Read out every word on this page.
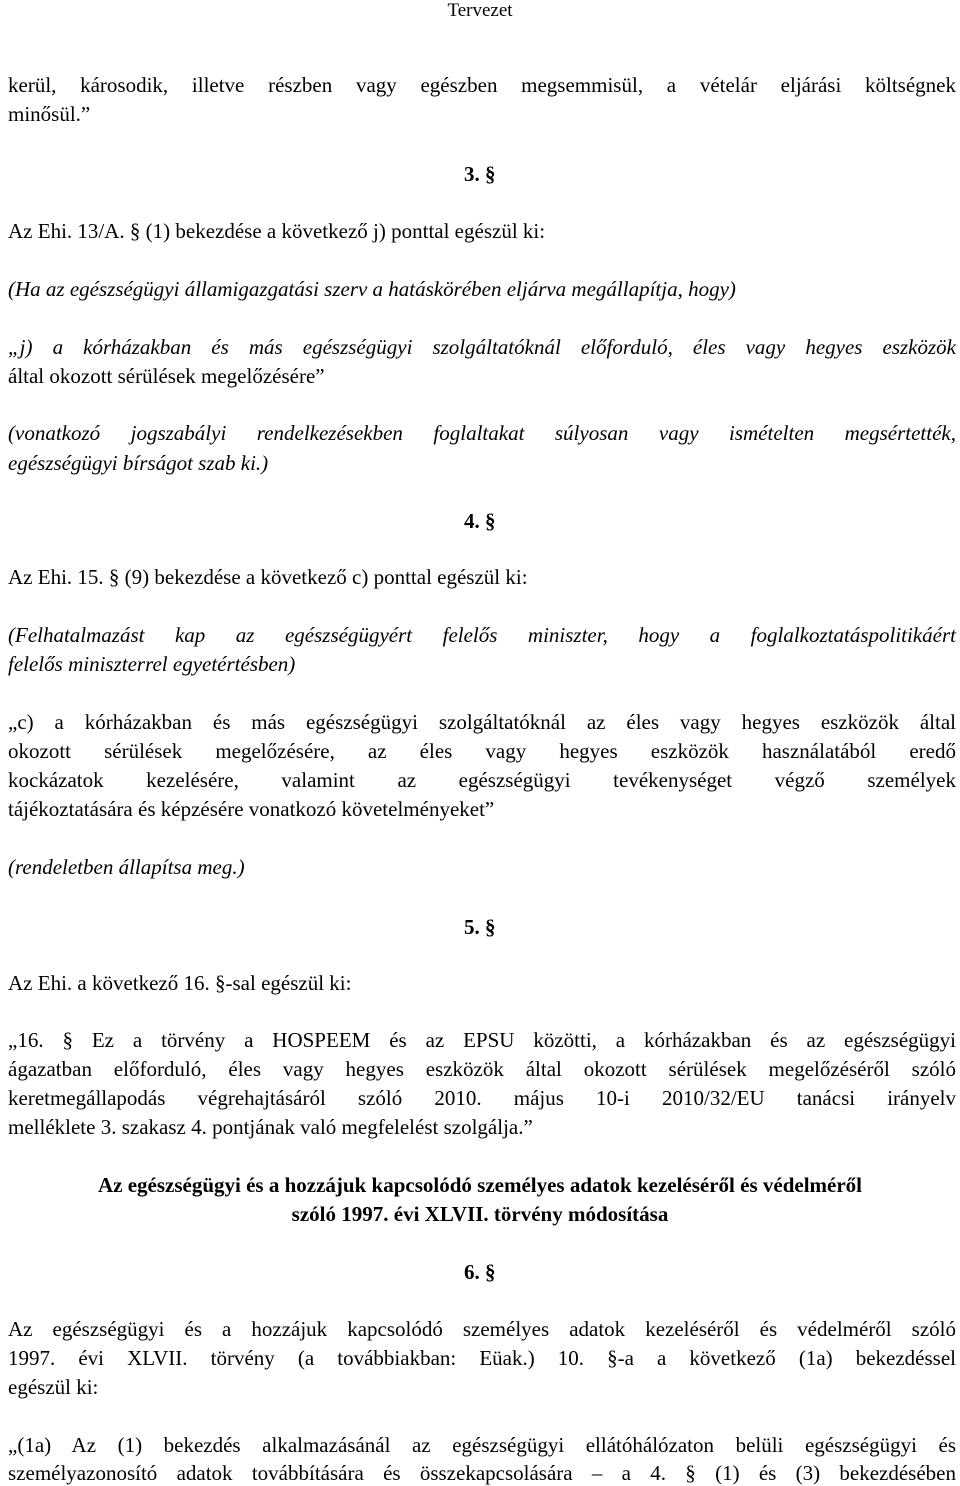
Tervezet
kerül, károsodik, illetve részben vagy egészben megsemmisül, a vételár eljárási költségnek
minősül.”
3. §
Az Ehi. 13/A. § (1) bekezdése a következő j) ponttal egészül ki:
(Ha az egészségügyi államigazgatási szerv a hatáskörében eljárva megállapítja, hogy)
„j) a kórházakban és más egészségügyi szolgáltatóknál előforduló, éles vagy hegyes eszközök
által okozott sérülések megelőzésére”
(vonatkozó jogszabályi rendelkezésekben foglaltakat súlyosan vagy ismételten megsértették,
egészségügyi bírságot szab ki.)
4. §
Az Ehi. 15. § (9) bekezdése a következő c) ponttal egészül ki:
(Felhatalmazást kap az egészségügyért felelős miniszter, hogy a foglalkoztatáspolitikáért
felelős miniszterrel egyetértésben)
„c) a kórházakban és más egészségügyi szolgáltatóknál az éles vagy hegyes eszközök által
okozott sérülések megelőzésére, az éles vagy hegyes eszközök használatából eredő
kockázatok kezelésére, valamint az egészségügyi tevékenységet végző személyek
tájékoztatására és képzésére vonatkozó követelményeket”
(rendeletben állapítsa meg.)
5. §
Az Ehi. a következő 16. §-sal egészül ki:
„16. § Ez a törvény a HOSPEEM és az EPSU közötti, a kórházakban és az egészségügyi
ágazatban előforduló, éles vagy hegyes eszközök által okozott sérülések megelőzéséről szóló
keretmegállapodás végrehajtásáról szóló 2010. május 10-i 2010/32/EU tanácsi irányelv
melléklete 3. szakasz 4. pontjának való megfelelést szolgálja.”
Az egészségügyi és a hozzájuk kapcsolódó személyes adatok kezeléséről és védelméről
szóló 1997. évi XLVII. törvény módosítása
6. §
Az egészségügyi és a hozzájuk kapcsolódó személyes adatok kezeléséről és védelméről szóló
1997. évi XLVII. törvény (a továbbiakban: Eüak.) 10. §-a a következő (1a) bekezdéssel
egészül ki:
„(1a) Az (1) bekezdés alkalmazásánál az egészségügyi ellátóhálózaton belüli egészségügyi és
személyazonosító adatok továbbítására és összekapcsolására – a 4. § (1) és (3) bekezdésében
